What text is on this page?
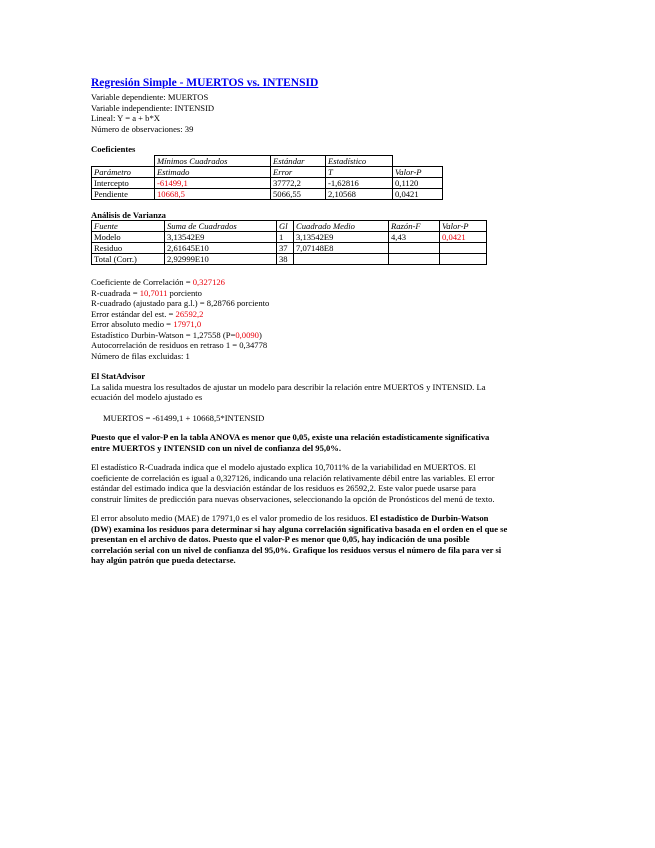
Regresión Simple - MUERTOS vs. INTENSID
Variable dependiente: MUERTOS
Variable independiente: INTENSID
Lineal: Y = a + b*X
Número de observaciones: 39
Coeficientes
	Mínimos Cuadrados	Estándar	Estadístico	
Parámetro	Estimado	Error	T	Valor-P
Intercepto	-61499,1	37772,2	-1,62816	0,1120
Pendiente	10668,5	5066,55	2,10568	0,0421
Análisis de Varianza
Fuente	Suma de Cuadrados	Gl	Cuadrado Medio	Razón-F	Valor-P
Modelo	3,13542E9	1	3,13542E9	4,43	0,0421
Residuo	2,61645E10	37	7,07148E8		
Total (Corr.)	2,92999E10	38			
Coeficiente de Correlación = 0,327126
R-cuadrada = 10,7011 porciento
R-cuadrado (ajustado para g.l.) = 8,28766 porciento
Error estándar del est. = 26592,2
Error absoluto medio = 17971,0
Estadístico Durbin-Watson = 1,27558 (P=0,0090)
Autocorrelación de residuos en retraso 1 = 0,34778
Número de filas excluidas: 1
El StatAdvisor
La salida muestra los resultados de ajustar un modelo para describir la relación entre MUERTOS y INTENSID. La
ecuación del modelo ajustado es
MUERTOS = -61499,1 + 10668,5*INTENSID
Puesto que el valor-P en la tabla ANOVA es menor que 0,05, existe una relación estadísticamente significativa
entre MUERTOS y INTENSID con un nivel de confianza del 95,0%.
El estadístico R-Cuadrada indica que el modelo ajustado explica 10,7011% de la variabilidad en MUERTOS. El
coeficiente de correlación es igual a 0,327126, indicando una relación relativamente débil entre las variables. El error
estándar del estimado indica que la desviación estándar de los residuos es 26592,2. Este valor puede usarse para
construir límites de predicción para nuevas observaciones, seleccionando la opción de Pronósticos del menú de texto.
El error absoluto medio (MAE) de 17971,0 es el valor promedio de los residuos. El estadístico de Durbin-Watson
(DW) examina los residuos para determinar si hay alguna correlación significativa basada en el orden en el que se
presentan en el archivo de datos. Puesto que el valor-P es menor que 0,05, hay indicación de una posible
correlación serial con un nivel de confianza del 95,0%. Grafique los residuos versus el número de fila para ver si
hay algún patrón que pueda detectarse.
